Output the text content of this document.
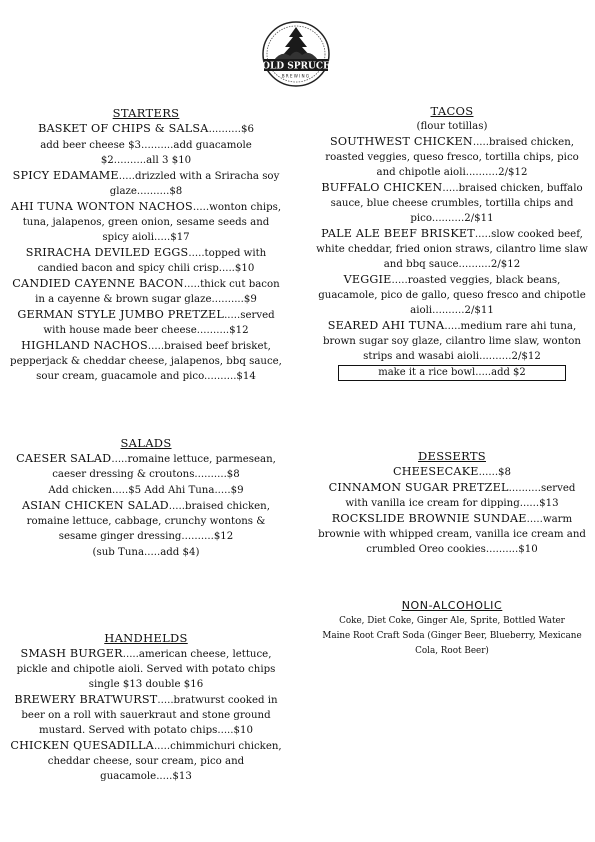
OLD SPRUCE
BREWING

STARTERS

BASKET OF CHIPS & SALSA..........$6

add beer cheese $3..........add guacamole $2..........all 3 $10

SPICY EDAMAME.....drizzled with a Sriracha soy glaze..........$8

AHI TUNA WONTON NACHOS.....wonton chips, tuna, jalapenos, green onion, sesame seeds and spicy aioli.....$17

SRIRACHA DEVILED EGGS.....topped with candied bacon and spicy chili crisp.....$10

CANDIED CAYENNE BACON.....thick cut bacon in a cayenne & brown sugar glaze..........$9

GERMAN STYLE JUMBO PRETZEL.....served with house made beer cheese..........$12

HIGHLAND NACHOS.....braised beef brisket, pepperjack & cheddar cheese, jalapenos, bbq sauce, sour cream, guacamole and pico..........$14

SALADS

CAESER SALAD.....romaine lettuce, parmesean, caeser dressing & croutons..........$8

Add chicken.....$5 Add Ahi Tuna.....$9

ASIAN CHICKEN SALAD.....braised chicken, romaine lettuce, cabbage, crunchy wontons & sesame ginger dressing..........$12

(sub Tuna.....add $4)

HANDHELDS

SMASH BURGER.....american cheese, lettuce, pickle and chipotle aioli. Served with potato chips single $13 double $16

BREWERY BRATWURST.....bratwurst cooked in beer on a roll with sauerkraut and stone ground mustard. Served with potato chips.....$10

CHICKEN QUESADILLA.....chimmichuri chicken, cheddar cheese, sour cream, pico and guacamole.....$13

TACOS

(flour totillas)

SOUTHWEST CHICKEN.....braised chicken, roasted veggies, queso fresco, tortilla chips, pico and chipotle aioli..........2/$12

BUFFALO CHICKEN.....braised chicken, buffalo sauce, blue cheese crumbles, tortilla chips and pico..........2/$11

PALE ALE BEEF BRISKET.....slow cooked beef, white cheddar, fried onion straws, cilantro lime slaw and bbq sauce..........2/$12

VEGGIE.....roasted veggies, black beans, guacamole, pico de gallo, queso fresco and chipotle aioli..........2/$11

SEARED AHI TUNA.....medium rare ahi tuna, brown sugar soy glaze, cilantro lime slaw, wonton strips and wasabi aioli..........2/$12

make it a rice bowl.....add $2

DESSERTS

CHEESECAKE......$8

CINNAMON SUGAR PRETZEL..........served with vanilla ice cream for dipping......$13

ROCKSLIDE BROWNIE SUNDAE.....warm brownie with whipped cream, vanilla ice cream and crumbled Oreo cookies..........$10

NON-ALCOHOLIC

Coke, Diet Coke, Ginger Ale, Sprite, Bottled Water

Maine Root Craft Soda (Ginger Beer, Blueberry, Mexicane Cola, Root Beer)
